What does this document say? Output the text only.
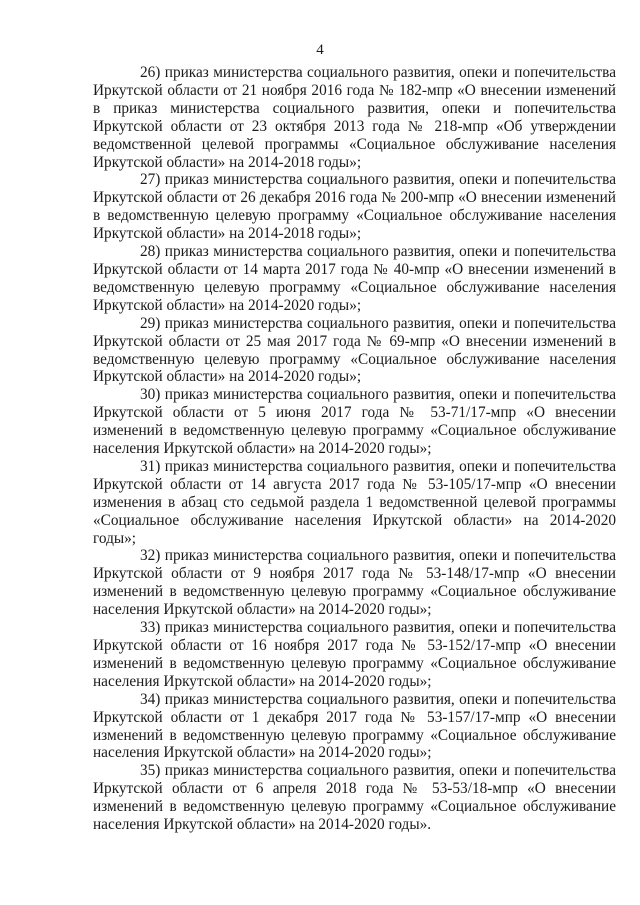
4

26) приказ министерства социального развития, опеки и попечительства Иркутской области от 21 ноября 2016 года № 182-мпр «О внесении изменений в приказ министерства социального развития, опеки и попечительства Иркутской области от 23 октября 2013 года № 218-мпр «Об утверждении ведомственной целевой программы «Социальное обслуживание населения Иркутской области» на 2014-2018 годы»;

27) приказ министерства социального развития, опеки и попечительства Иркутской области от 26 декабря 2016 года № 200-мпр «О внесении изменений в ведомственную целевую программу «Социальное обслуживание населения Иркутской области» на 2014-2018 годы»;

28) приказ министерства социального развития, опеки и попечительства Иркутской области от 14 марта 2017 года № 40-мпр «О внесении изменений в ведомственную целевую программу «Социальное обслуживание населения Иркутской области» на 2014-2020 годы»;

29) приказ министерства социального развития, опеки и попечительства Иркутской области от 25 мая 2017 года № 69-мпр «О внесении изменений в ведомственную целевую программу «Социальное обслуживание населения Иркутской области» на 2014-2020 годы»;

30) приказ министерства социального развития, опеки и попечительства Иркутской области от 5 июня 2017 года № 53-71/17-мпр «О внесении изменений в ведомственную целевую программу «Социальное обслуживание населения Иркутской области» на 2014-2020 годы»;

31) приказ министерства социального развития, опеки и попечительства Иркутской области от 14 августа 2017 года № 53-105/17-мпр «О внесении изменения в абзац сто седьмой раздела 1 ведомственной целевой программы «Социальное обслуживание населения Иркутской области» на 2014-2020 годы»;

32) приказ министерства социального развития, опеки и попечительства Иркутской области от 9 ноября 2017 года № 53-148/17-мпр «О внесении изменений в ведомственную целевую программу «Социальное обслуживание населения Иркутской области» на 2014-2020 годы»;

33) приказ министерства социального развития, опеки и попечительства Иркутской области от 16 ноября 2017 года № 53-152/17-мпр «О внесении изменений в ведомственную целевую программу «Социальное обслуживание населения Иркутской области» на 2014-2020 годы»;

34) приказ министерства социального развития, опеки и попечительства Иркутской области от 1 декабря 2017 года № 53-157/17-мпр «О внесении изменений в ведомственную целевую программу «Социальное обслуживание населения Иркутской области» на 2014-2020 годы»;

35) приказ министерства социального развития, опеки и попечительства Иркутской области от 6 апреля 2018 года № 53-53/18-мпр «О внесении изменений в ведомственную целевую программу «Социальное обслуживание населения Иркутской области» на 2014-2020 годы».
